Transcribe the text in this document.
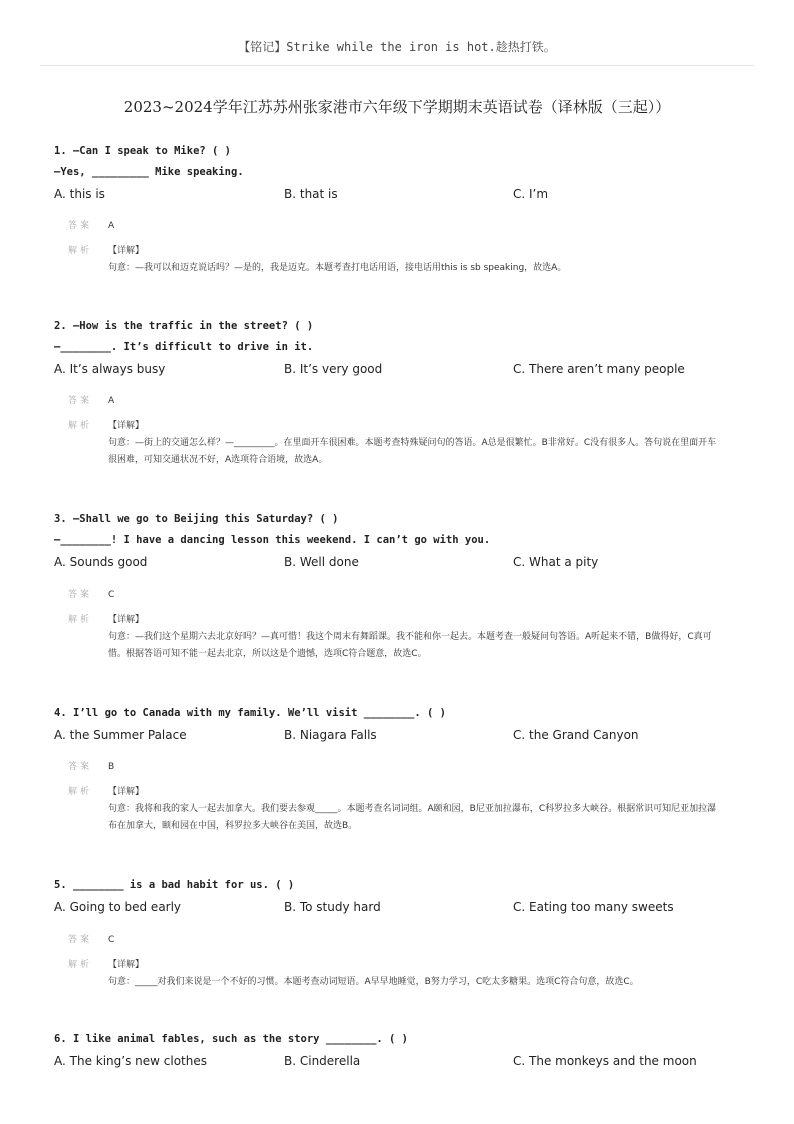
【铭记】Strike while the iron is hot.趁热打铁。
2023~2024学年江苏苏州张家港市六年级下学期期末英语试卷（译林版（三起））
1. —Can I speak to Mike? ( )
—Yes, _________ Mike speaking.
A. this is	B. that is	C. I’m
答案 A
解析 【详解】
句意：—我可以和迈克说话吗？—是的，我是迈克。本题考查打电话用语，接电话用this is sb speaking，故选A。
2. —How is the traffic in the street? ( )
—________. It’s difficult to drive in it.
A. It’s always busy	B. It’s very good	C. There aren’t many people
答案 A
解析 【详解】
句意：—街上的交通怎么样？—_________。在里面开车很困难。本题考查特殊疑问句的答语。A总是很繁忙。B非常好。C没有很多人。答句说在里面开车很困难，可知交通状况不好，A选项符合语境，故选A。
3. —Shall we go to Beijing this Saturday? ( )
—________! I have a dancing lesson this weekend. I can’t go with you.
A. Sounds good	B. Well done	C. What a pity
答案 C
解析 【详解】
句意：—我们这个星期六去北京好吗？—真可惜！我这个周末有舞蹈课。我不能和你一起去。本题考查一般疑问句答语。A听起来不错，B做得好，C真可惜。根据答语可知不能一起去北京，所以这是个遗憾，选项C符合题意，故选C。
4. I’ll go to Canada with my family. We’ll visit ________. ( )
A. the Summer Palace	B. Niagara Falls	C. the Grand Canyon
答案 B
解析 【详解】
句意：我将和我的家人一起去加拿大。我们要去参观_____。本题考查名词词组。A颐和园，B尼亚加拉瀑布，C科罗拉多大峡谷。根据常识可知尼亚加拉瀑布在加拿大，颐和园在中国，科罗拉多大峡谷在美国，故选B。
5. ________ is a bad habit for us. ( )
A. Going to bed early	B. To study hard	C. Eating too many sweets
答案 C
解析 【详解】
句意：_____对我们来说是一个不好的习惯。本题考查动词短语。A早早地睡觉，B努力学习，C吃太多糖果。选项C符合句意，故选C。
6. I like animal fables, such as the story ________. ( )
A. The king’s new clothes	B. Cinderella	C. The monkeys and the moon
